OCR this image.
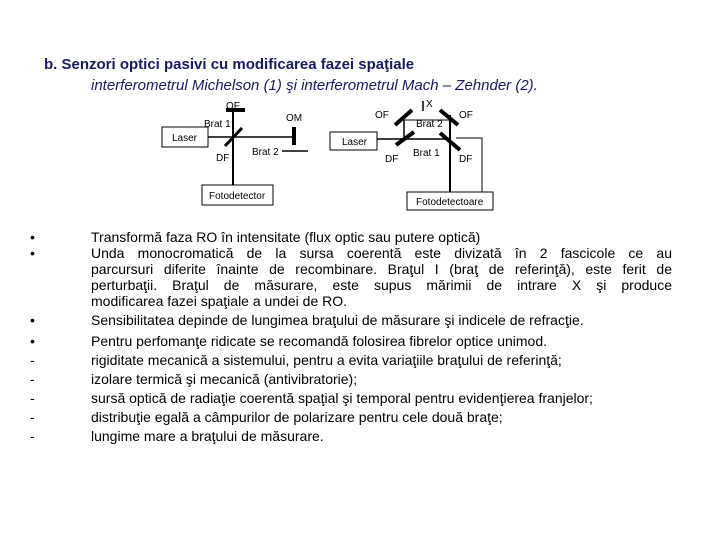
b. Senzori optici pasivi cu modificarea fazei spaţiale
interferometrul Michelson (1) şi interferometrul Mach – Zehnder (2).
OF
Brat 1
OM
Laser
DF
Brat 2
Fotodetector
X
OF	OF
Brat 2
Laser
DF
Brat 1
DF
Fotodetectoare
•	Transformă faza RO în intensitate (flux optic sau putere optică)
•	Unda monocromatică de la sursa coerentă este divizată în 2 fascicole ce au
parcursuri diferite înainte de recombinare. Braţul I (braţ de referinţă), este ferit de
perturbaţii. Braţul de măsurare, este supus mărimii de intrare X şi produce
modificarea fazei spaţiale a undei de RO.
•	Sensibilitatea depinde de lungimea braţului de măsurare şi indicele de refracţie.
•	Pentru perfomanţe ridicate se recomandă folosirea fibrelor optice unimod.
-	rigiditate mecanică a sistemului, pentru a evita variaţiile braţului de referinţă;
-	izolare termică şi mecanică (antivibratorie);
-	sursă optică de radiaţie coerentă spaţial şi temporal pentru evidenţierea franjelor;
-	distribuţie egală a câmpurilor de polarizare pentru cele două braţe;
-	lungime mare a braţului de măsurare.
